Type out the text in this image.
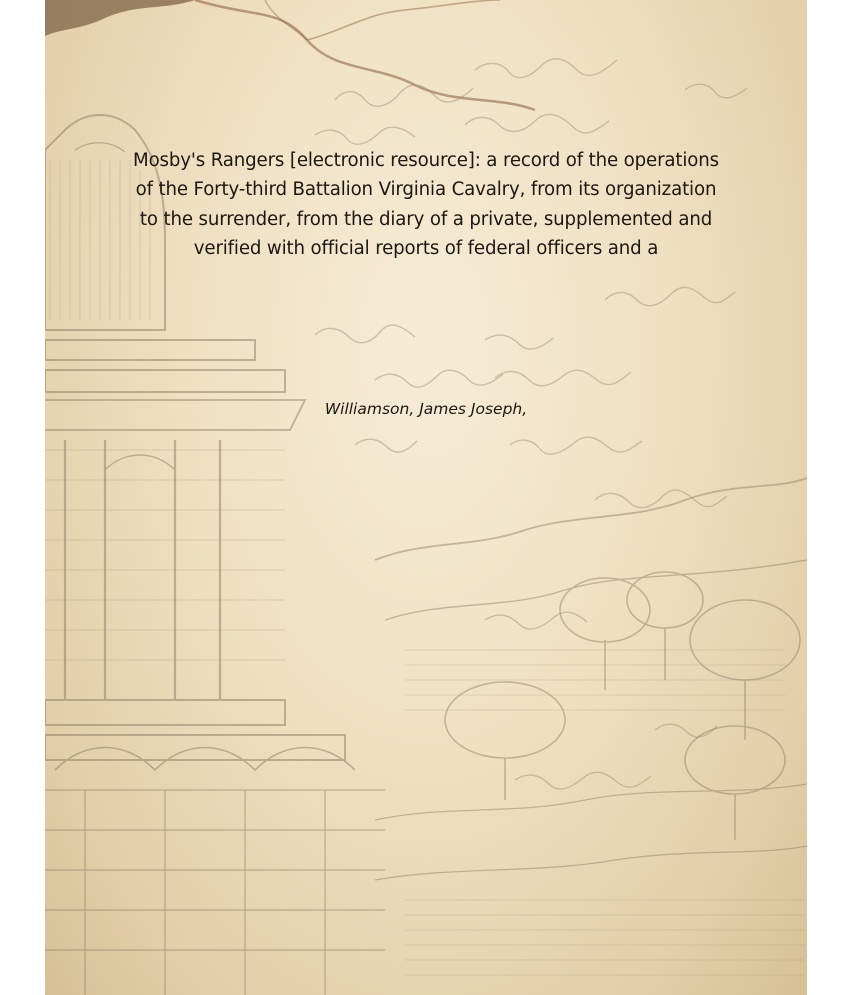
Mosby's Rangers [electronic resource]: a record of the operations of the Forty-third Battalion Virginia Cavalry, from its organization to the surrender, from the diary of a private, supplemented and verified with official reports of federal officers and a

Williamson, James Joseph,
